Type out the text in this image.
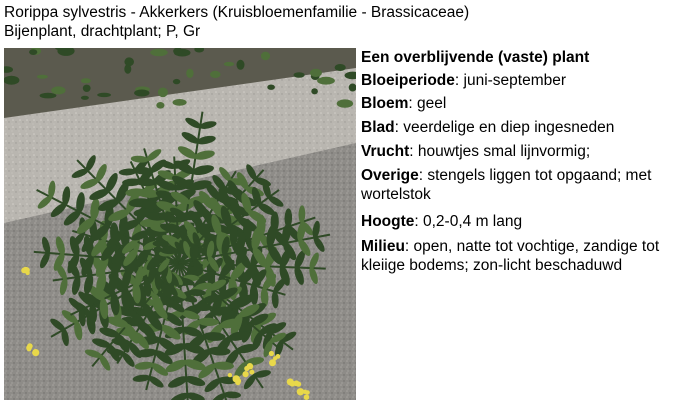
Rorippa sylvestris - Akkerkers (Kruisbloemenfamilie - Brassicaceae)
Bijenplant, drachtplant; P, Gr
Een overblijvende (vaste) plant
Bloeiperiode: juni-september
Bloem: geel
Blad: veerdelige en diep ingesneden
Vrucht: houwtjes smal lijnvormig;
Overige: stengels liggen tot opgaand; met wortelstok
Hoogte: 0,2-0,4 m lang
Milieu: open, natte tot vochtige, zandige tot kleiige bodems; zon-licht beschaduwd
